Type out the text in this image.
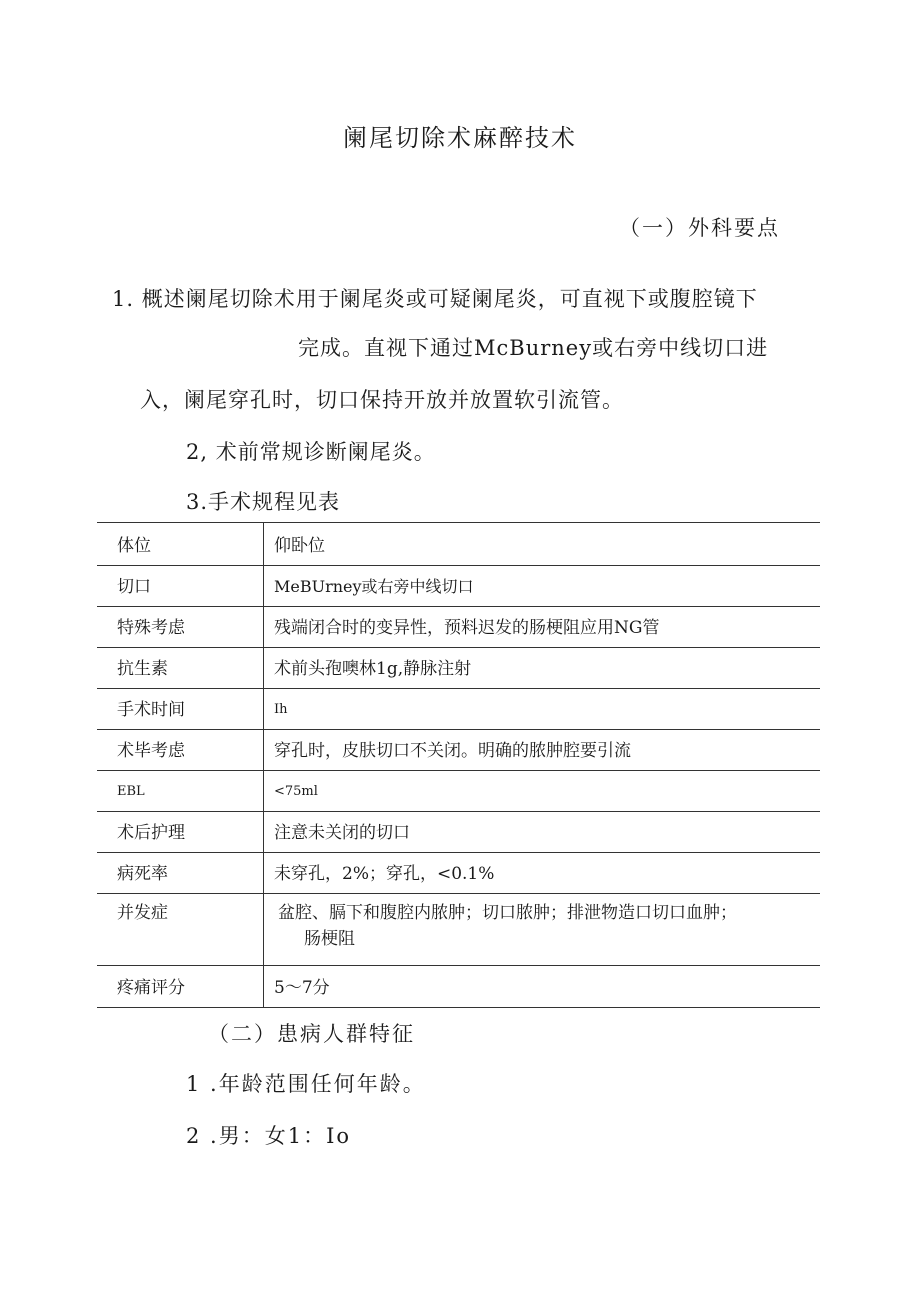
阑尾切除术麻醉技术
（一）外科要点
1. 概述阑尾切除术用于阑尾炎或可疑阑尾炎，可直视下或腹腔镜下
完成。直视下通过McBurney或右旁中线切口进
入，阑尾穿孔时，切口保持开放并放置软引流管。
2, 术前常规诊断阑尾炎。
3.手术规程见表
体位	仰卧位
切口	MeBUrney或右旁中线切口
特殊考虑	残端闭合时的变异性，预料迟发的肠梗阻应用NG管
抗生素	术前头孢噢林1g,静脉注射
手术时间	Ih
术毕考虑	穿孔时，皮肤切口不关闭。明确的脓肿腔要引流
EBL	<75ml
术后护理	注意未关闭的切口
病死率	未穿孔，2%；穿孔，<0.1%
并发症	盆腔、膈下和腹腔内脓肿；切口脓肿；排泄物造口切口血肿；
肠梗阻

疼痛评分	5～7分
（二）患病人群特征
1 .年龄范围任何年龄。
2 .男：女1：Io
